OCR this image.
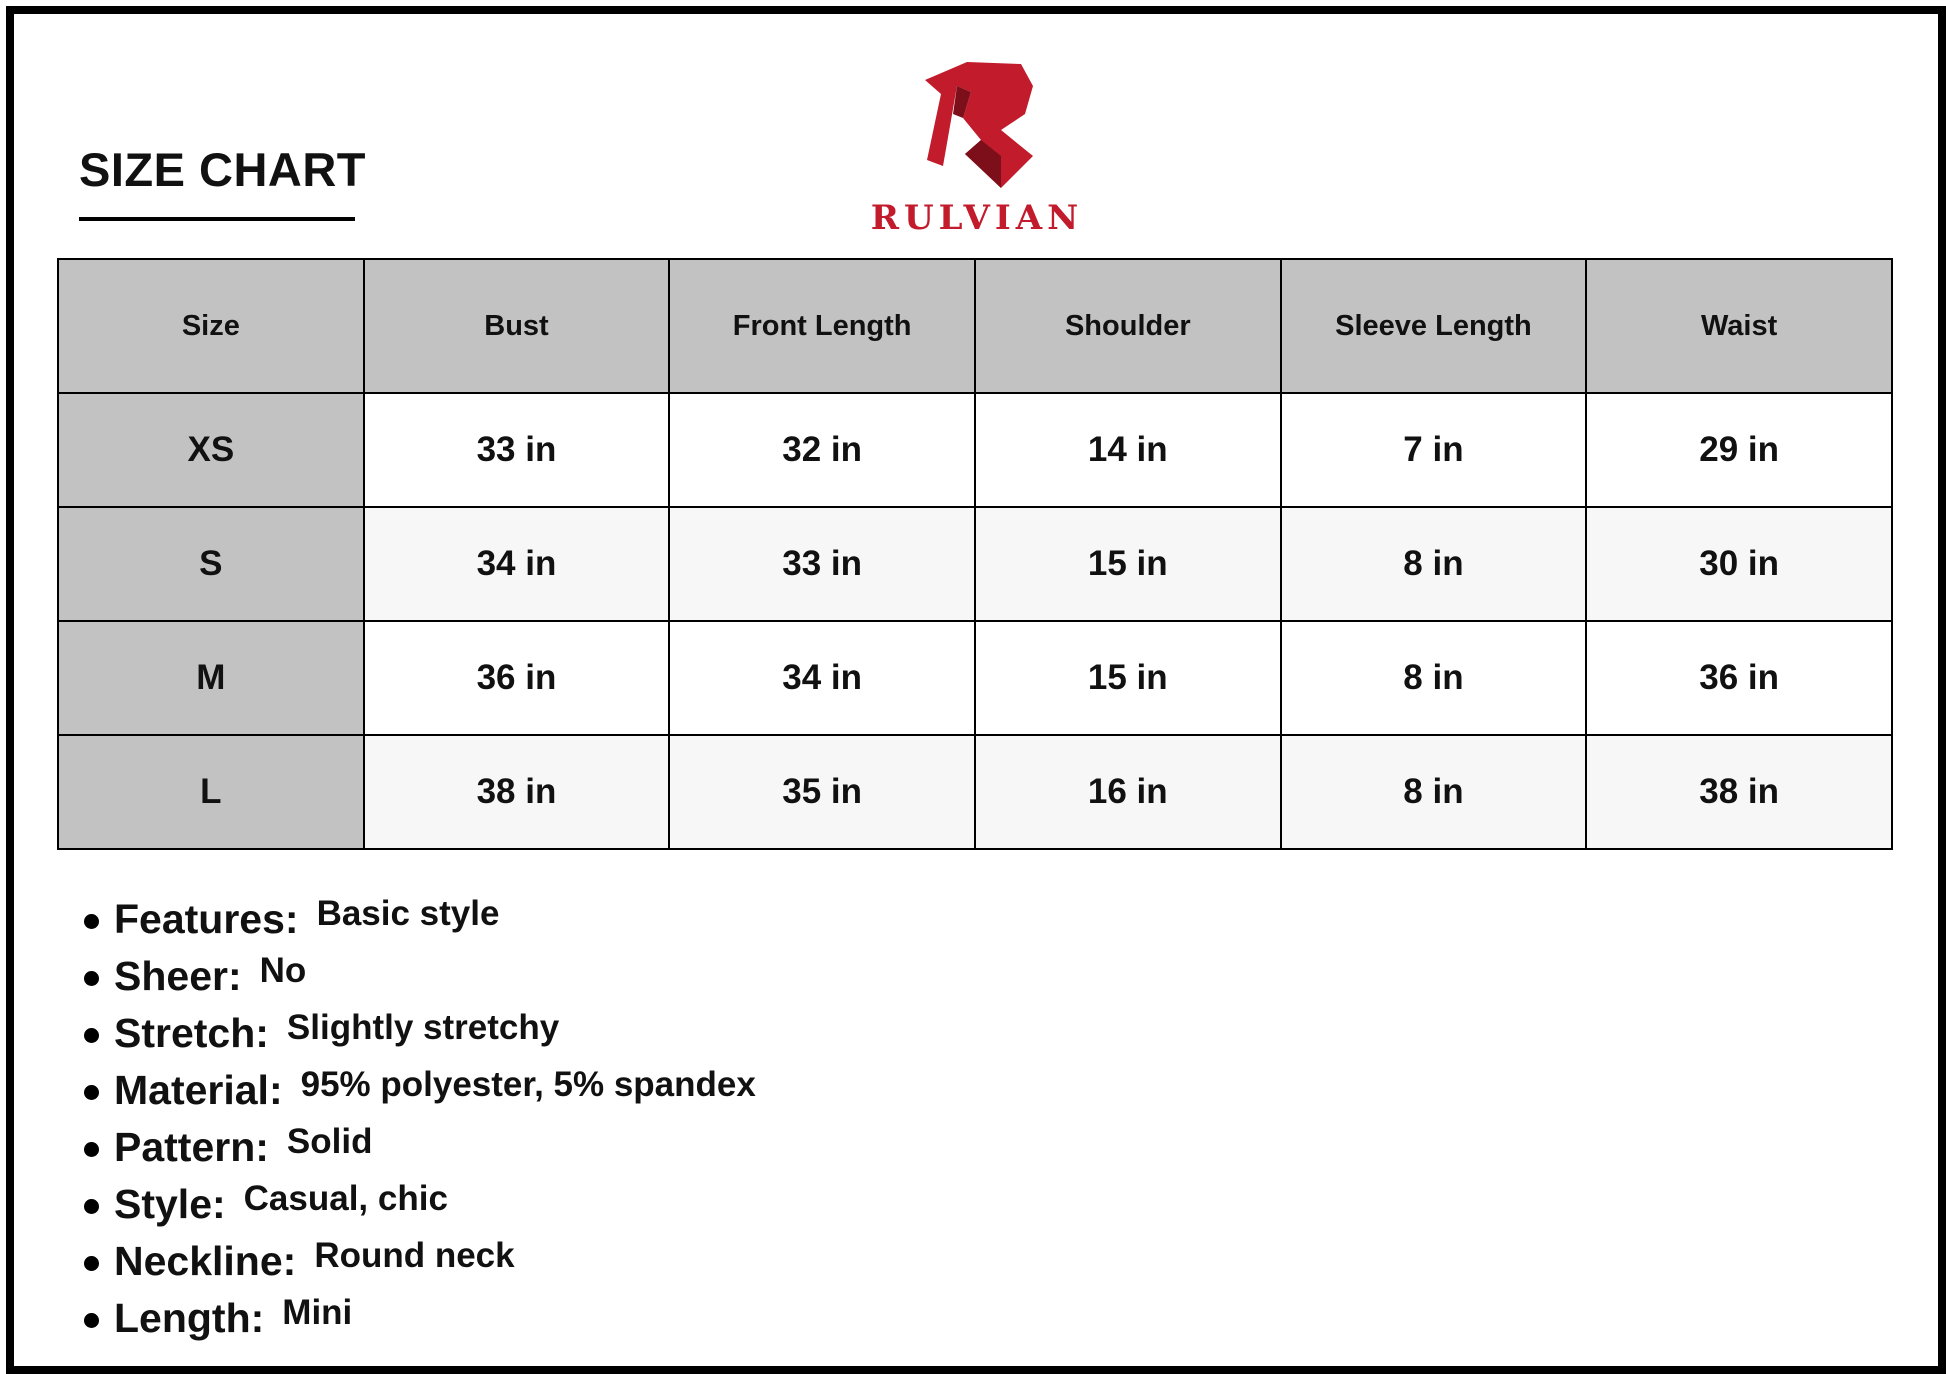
SIZE CHART
RULVIAN
Size	Bust	Front Length	Shoulder	Sleeve Length	Waist
XS	33 in	32 in	14 in	7 in	29 in
S	34 in	33 in	15 in	8 in	30 in
M	36 in	34 in	15 in	8 in	36 in
L	38 in	35 in	16 in	8 in	38 in
Features: Basic style
Sheer: No
Stretch: Slightly stretchy
Material: 95% polyester, 5% spandex
Pattern: Solid
Style: Casual, chic
Neckline: Round neck
Length: Mini
